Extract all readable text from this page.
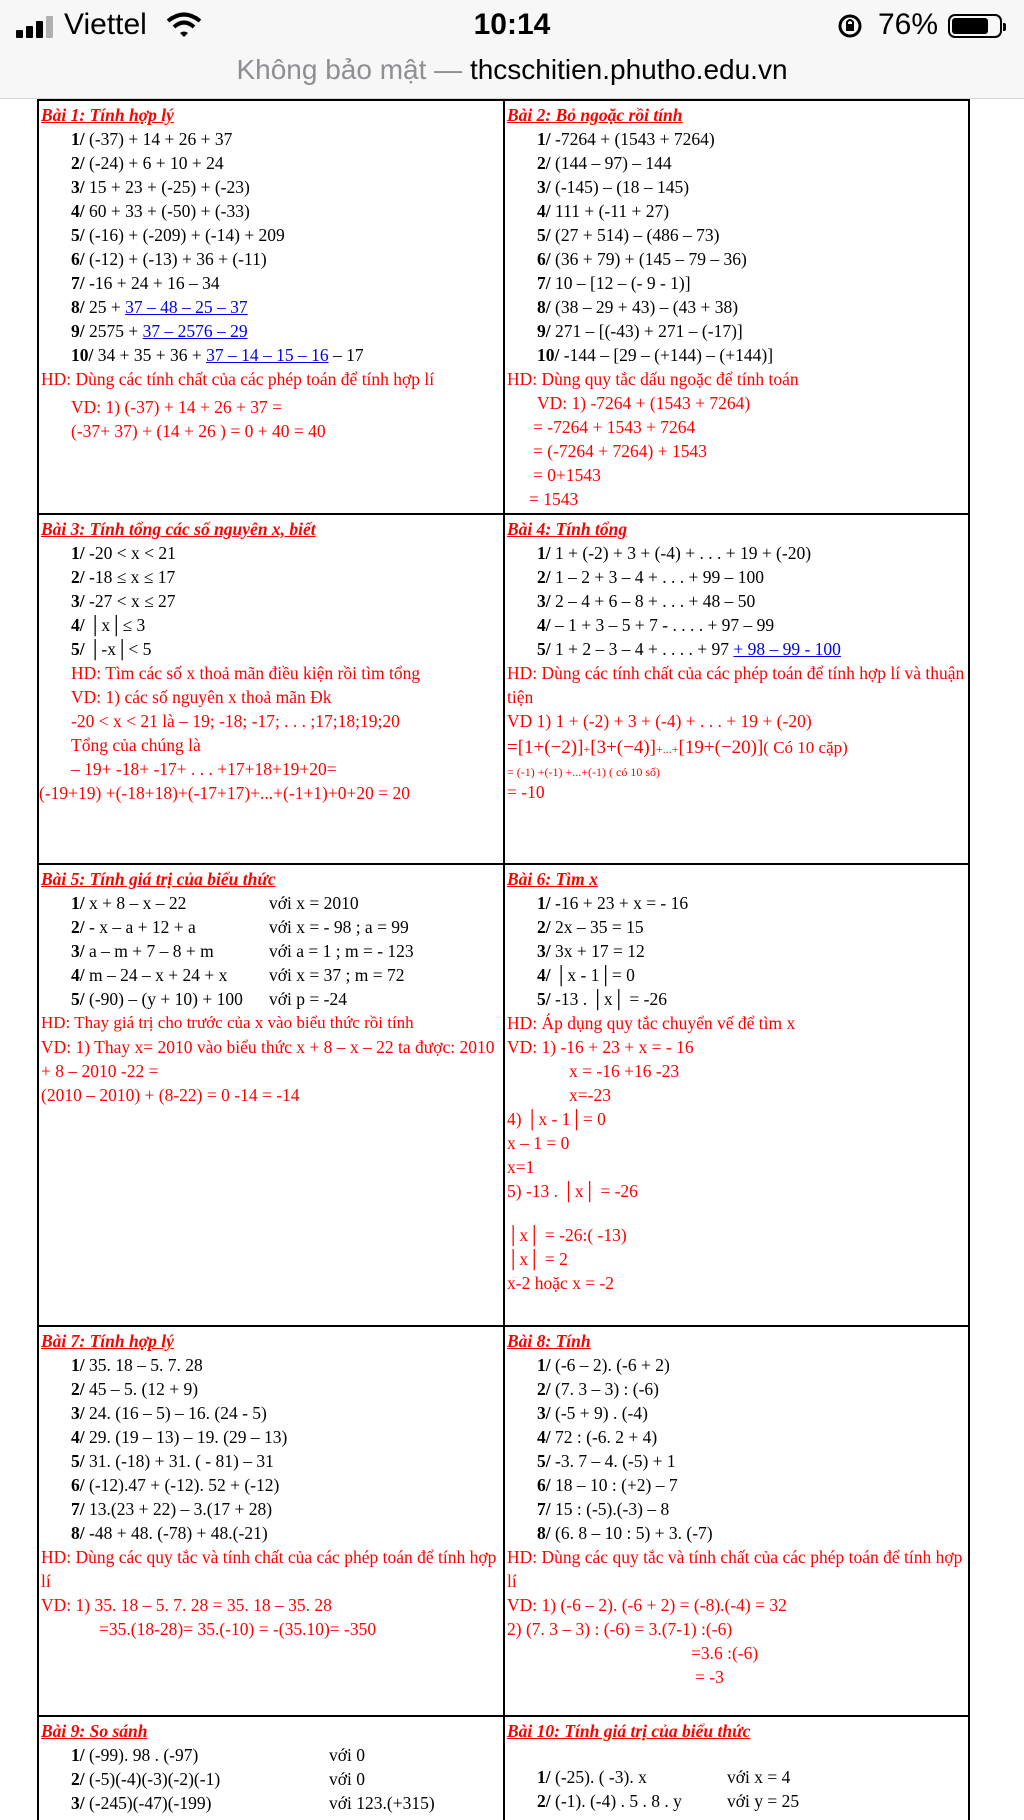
Viettel	10:14	76%
Không bảo mật — thcschitien.phutho.edu.vn
Bài 1: Tính hợp lý
1/ (-37) + 14 + 26 + 37
2/ (-24) + 6 + 10 + 24
3/ 15 + 23 + (-25) + (-23)
4/ 60 + 33 + (-50) + (-33)
5/ (-16) + (-209) + (-14) + 209
6/ (-12) + (-13) + 36 + (-11)
7/ -16 + 24 + 16 – 34
8/ 25 + 37 – 48 – 25 – 37
9/ 2575 + 37 – 2576 – 29
10/ 34 + 35 + 36 + 37 – 14 – 15 – 16 – 17
HD: Dùng các tính chất của các phép toán để tính hợp lí
VD: 1) (-37) + 14 + 26 + 37 =
(-37+ 37) + (14 + 26 ) = 0 + 40 = 40
Bài 2: Bỏ ngoặc rồi tính
1/ -7264 + (1543 + 7264)
2/ (144 – 97) – 144
3/ (-145) – (18 – 145)
4/ 111 + (-11 + 27)
5/ (27 + 514) – (486 – 73)
6/ (36 + 79) + (145 – 79 – 36)
7/ 10 – [12 – (- 9 - 1)]
8/ (38 – 29 + 43) – (43 + 38)
9/ 271 – [(-43) + 271 – (-17)]
10/ -144 – [29 – (+144) – (+144)]
HD: Dùng quy tắc dấu ngoặc để tính toán
VD: 1) -7264 + (1543 + 7264)
= -7264 + 1543 + 7264
= (-7264 + 7264) + 1543
= 0+1543
= 1543
Bài 3: Tính tổng các số nguyên x, biết
1/ -20 < x < 21
2/ -18 ≤ x ≤ 17
3/ -27 < x ≤ 27
4/ │x│≤ 3
5/ │-x│< 5
HD: Tìm các số x thoả mãn điều kiện rồi tìm tổng
VD: 1) các số nguyên x thoả mãn Đk
-20 < x < 21 là – 19; -18; -17; . . . ;17;18;19;20
Tổng của chúng là
– 19+ -18+ -17+ . . . +17+18+19+20=
(-19+19) +(-18+18)+(-17+17)+...+(-1+1)+0+20 = 20
Bài 4: Tính tổng
1/ 1 + (-2) + 3 + (-4) + . . . + 19 + (-20)
2/ 1 – 2 + 3 – 4 + . . . + 99 – 100
3/ 2 – 4 + 6 – 8 + . . . + 48 – 50
4/ – 1 + 3 – 5 + 7 - . . . . + 97 – 99
5/ 1 + 2 – 3 – 4 + . . . . + 97 + 98 – 99 - 100
HD: Dùng các tính chất của các phép toán để tính hợp lí và thuận tiện
VD 1) 1 + (-2) + 3 + (-4) + . . . + 19 + (-20)
=[1+(−2)]+[3+(−4)]+...+[19+(−20)]( Có 10 cặp)
= (-1) +(-1) +...+(-1) ( có 10 số)
= -10
Bài 5: Tính giá trị của biểu thức
1/ x + 8 – x – 22	với x = 2010
2/ - x – a + 12 + a	với x = - 98 ; a = 99
3/ a – m + 7 – 8 + m	với a = 1 ; m = - 123
4/ m – 24 – x + 24 + x với x = 37 ; m = 72
5/ (-90) – (y + 10) + 100 với p = -24
HD: Thay giá trị cho trước của x vào biểu thức rồi tính
VD: 1) Thay x= 2010 vào biểu thức x + 8 – x – 22 ta được: 2010 + 8 – 2010 -22 =
(2010 – 2010) + (8-22) = 0 -14 = -14
Bài 6: Tìm x
1/ -16 + 23 + x = - 16
2/ 2x – 35 = 15
3/ 3x + 17 = 12
4/ │x - 1│= 0
5/ -13 . │x│ = -26
HD: Áp dụng quy tắc chuyển vế để tìm x
VD: 1) -16 + 23 + x = - 16
x = -16 +16 -23
x=-23
4) │x - 1│= 0
x – 1 = 0
x=1
5) -13 . │x│ = -26
│x│ = -26:( -13)
│x│ = 2
x-2 hoặc x = -2
Bài 7: Tính hợp lý
1/ 35. 18 – 5. 7. 28
2/ 45 – 5. (12 + 9)
3/ 24. (16 – 5) – 16. (24 - 5)
4/ 29. (19 – 13) – 19. (29 – 13)
5/ 31. (-18) + 31. ( - 81) – 31
6/ (-12).47 + (-12). 52 + (-12)
7/ 13.(23 + 22) – 3.(17 + 28)
8/ -48 + 48. (-78) + 48.(-21)
HD: Dùng các quy tắc và tính chất của các phép toán để tính hợp lí
VD: 1) 35. 18 – 5. 7. 28 = 35. 18 – 35. 28
=35.(18-28)= 35.(-10) = -(35.10)= -350
Bài 8: Tính
1/ (-6 – 2). (-6 + 2)
2/ (7. 3 – 3) : (-6)
3/ (-5 + 9) . (-4)
4/ 72 : (-6. 2 + 4)
5/ -3. 7 – 4. (-5) + 1
6/ 18 – 10 : (+2) – 7
7/ 15 : (-5).(-3) – 8
8/ (6. 8 – 10 : 5) + 3. (-7)
HD: Dùng các quy tắc và tính chất của các phép toán để tính hợp lí
VD: 1) (-6 – 2). (-6 + 2) = (-8).(-4) = 32
2) (7. 3 – 3) : (-6) = 3.(7-1) :(-6)
=3.6 :(-6)
= -3
Bài 9: So sánh
1/ (-99). 98 . (-97)	với 0
2/ (-5)(-4)(-3)(-2)(-1)	với 0
3/ (-245)(-47)(-199)	với 123.(+315)
Bài 10: Tính giá trị của biểu thức
1/ (-25). ( -3). x	với x = 4
2/ (-1). (-4) . 5 . 8 . y	với y = 25
